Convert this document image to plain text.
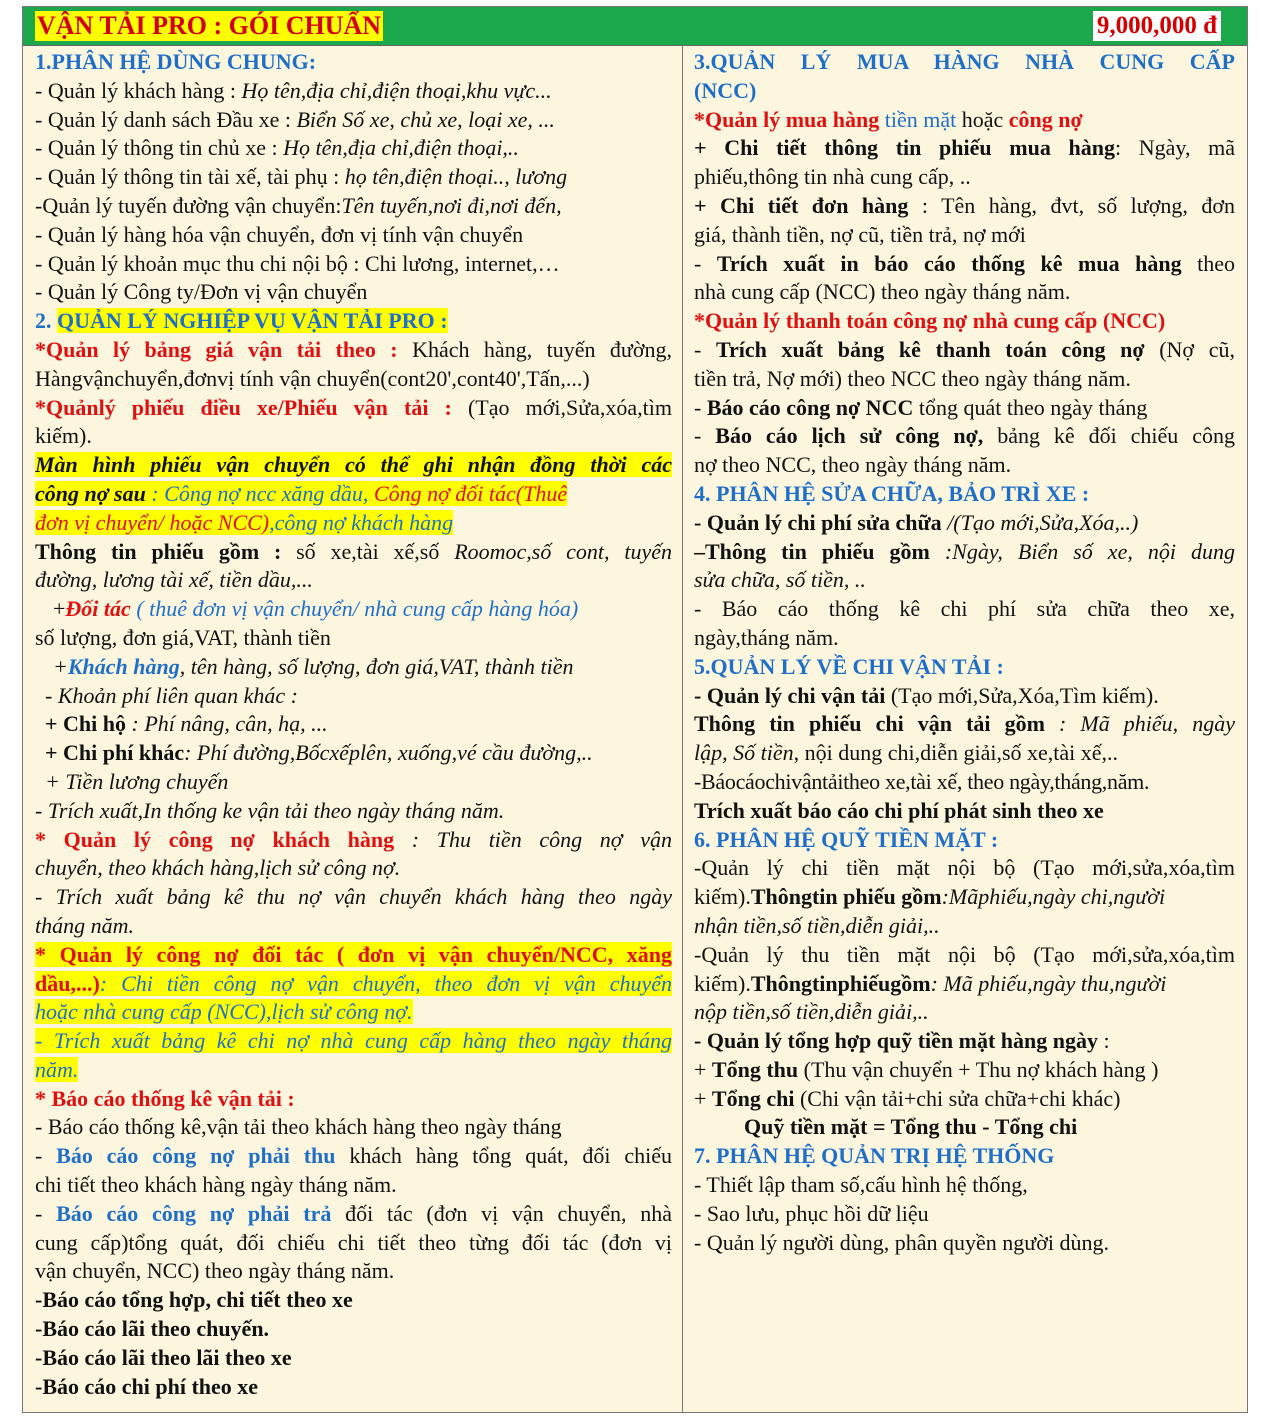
VẬN TẢI PRO : GÓI CHUẨN	9,000,000 đ
1.PHÂN HỆ DÙNG CHUNG:
- Quản lý khách hàng : Họ tên,địa chỉ,điện thoại,khu vực...
- Quản lý danh sách Đầu xe : Biển Số xe, chủ xe, loại xe, ...
- Quản lý thông tin chủ xe : Họ tên,địa chỉ,điện thoại,..
- Quản lý thông tin tài xế, tài phụ : họ tên,điện thoại.., lương
-Quản lý tuyến đường vận chuyển:Tên tuyến,nơi đi,nơi đến,
- Quản lý hàng hóa vận chuyển, đơn vị tính vận chuyển
- Quản lý khoản mục thu chi nội bộ : Chi lương, internet,…
- Quản lý Công ty/Đơn vị vận chuyển
2. QUẢN LÝ NGHIỆP VỤ VẬN TẢI PRO :
*Quản lý bảng giá vận tải theo : Khách hàng, tuyến đường,
Hàngvậnchuyển,đơnvị tính vận chuyển(cont20',cont40',Tấn,...)
*Quảnlý phiếu điều xe/Phiếu vận tải : (Tạo mới,Sửa,xóa,tìm
kiếm).
Màn hình phiếu vận chuyển có thể ghi nhận đồng thời các
công nợ sau : Công nợ ncc xăng dầu, Công nợ đối tác(Thuê
đơn vị chuyển/ hoặc NCC),công nợ khách hàng
Thông tin phiếu gồm : số xe,tài xế,số Roomoc,số cont, tuyến
đường, lương tài xế, tiền dầu,...
+Đối tác ( thuê đơn vị vận chuyển/ nhà cung cấp hàng hóa)
số lượng, đơn giá,VAT, thành tiền
+Khách hàng, tên hàng, số lượng, đơn giá,VAT, thành tiền
- Khoản phí liên quan khác :
+ Chi hộ : Phí nâng, cân, hạ, ...
+ Chi phí khác: Phí đường,Bốcxếplên, xuống,vé cầu đường,..
+ Tiền lương chuyến
- Trích xuất,In thống ke vận tải theo ngày tháng năm.
* Quản lý công nợ khách hàng : Thu tiền công nợ vận
chuyển, theo khách hàng,lịch sử công nợ.
- Trích xuất bảng kê thu nợ vận chuyển khách hàng theo ngày
tháng năm.
* Quản lý công nợ đối tác ( đơn vị vận chuyển/NCC, xăng
dầu,...): Chi tiền công nợ vận chuyển, theo đơn vị vận chuyển
hoặc nhà cung cấp (NCC),lịch sử công nợ.
- Trích xuất bảng kê chi nợ nhà cung cấp hàng theo ngày tháng
năm.
* Báo cáo thống kê vận tải :
- Báo cáo thống kê,vận tải theo khách hàng theo ngày tháng
- Báo cáo công nợ phải thu khách hàng tổng quát, đối chiếu
chi tiết theo khách hàng ngày tháng năm.
- Báo cáo công nợ phải trả đối tác (đơn vị vận chuyển, nhà
cung cấp)tổng quát, đối chiếu chi tiết theo từng đối tác (đơn vị
vận chuyển, NCC) theo ngày tháng năm.
-Báo cáo tổng hợp, chi tiết theo xe
-Báo cáo lãi theo chuyến.
-Báo cáo lãi theo lãi theo xe
-Báo cáo chi phí theo xe
3.QUẢN LÝ MUA HÀNG NHÀ CUNG CẤP
(NCC)
*Quản lý mua hàng tiền mặt hoặc công nợ
+ Chi tiết thông tin phiếu mua hàng: Ngày, mã
phiếu,thông tin nhà cung cấp, ..
+ Chi tiết đơn hàng : Tên hàng, đvt, số lượng, đơn
giá, thành tiền, nợ cũ, tiền trả, nợ mới
- Trích xuất in báo cáo thống kê mua hàng theo
nhà cung cấp (NCC) theo ngày tháng năm.
*Quản lý thanh toán công nợ nhà cung cấp (NCC)
- Trích xuất bảng kê thanh toán công nợ (Nợ cũ,
tiền trả, Nợ mới) theo NCC theo ngày tháng năm.
- Báo cáo công nợ NCC tổng quát theo ngày tháng
- Báo cáo lịch sử công nợ, bảng kê đối chiếu công
nợ theo NCC, theo ngày tháng năm.
4. PHÂN HỆ SỬA CHỮA, BẢO TRÌ XE :
- Quản lý chi phí sửa chữa /(Tạo mới,Sửa,Xóa,..)
–Thông tin phiếu gồm :Ngày, Biển số xe, nội dung
sửa chữa, số tiền, ..
- Báo cáo thống kê chi phí sửa chữa theo xe,
ngày,tháng năm.
5.QUẢN LÝ VỀ CHI VẬN TẢI :
- Quản lý chi vận tải (Tạo mới,Sửa,Xóa,Tìm kiếm).
Thông tin phiếu chi vận tải gồm : Mã phiếu, ngày
lập, Số tiền, nội dung chi,diễn giải,số xe,tài xế,..
-Báocáochivậntảitheo xe,tài xế, theo ngày,tháng,năm.
Trích xuất báo cáo chi phí phát sinh theo xe
6. PHÂN HỆ QUỸ TIỀN MẶT :
-Quản lý chi tiền mặt nội bộ (Tạo mới,sửa,xóa,tìm
kiếm).Thôngtin phiếu gồm:Mãphiếu,ngày chi,người
nhận tiền,số tiền,diễn giải,..
-Quản lý thu tiền mặt nội bộ (Tạo mới,sửa,xóa,tìm
kiếm).Thôngtinphiếugồm: Mã phiếu,ngày thu,người
nộp tiền,số tiền,diễn giải,..
- Quản lý tổng hợp quỹ tiền mặt hàng ngày :
+ Tổng thu (Thu vận chuyển + Thu nợ khách hàng )
+ Tổng chi (Chi vận tải+chi sửa chữa+chi khác)
Quỹ tiền mặt = Tổng thu - Tổng chi
7. PHÂN HỆ QUẢN TRỊ HỆ THỐNG
- Thiết lập tham số,cấu hình hệ thống,
- Sao lưu, phục hồi dữ liệu
- Quản lý người dùng, phân quyền người dùng.
